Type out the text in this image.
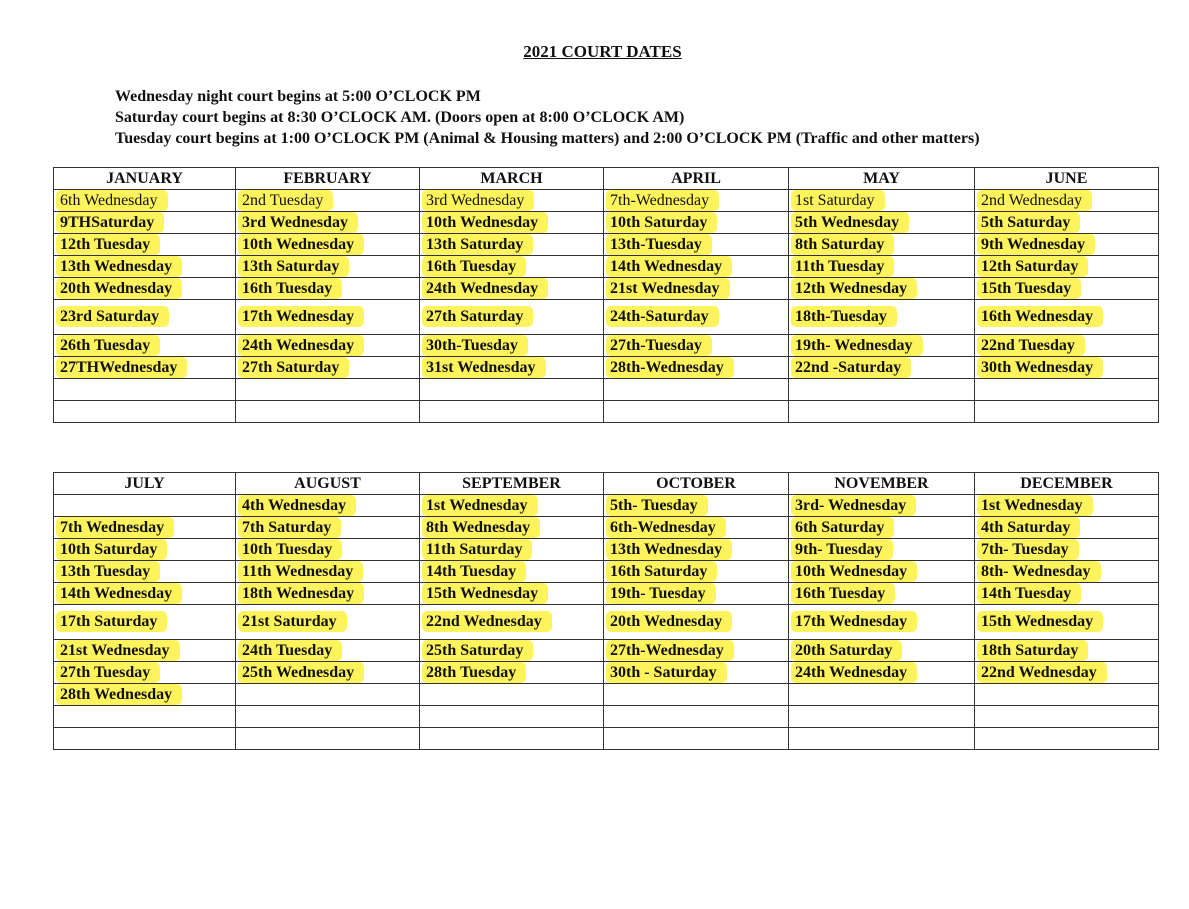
2021 COURT DATES
Wednesday night court begins at 5:00 O’CLOCK PM
Saturday court begins at 8:30 O’CLOCK AM. (Doors open at 8:00 O’CLOCK AM)
Tuesday court begins at 1:00 O’CLOCK PM (Animal & Housing matters) and 2:00 O’CLOCK PM (Traffic and other matters)
JANUARY	FEBRUARY	MARCH	APRIL	MAY	JUNE
6th Wednesday	2nd Tuesday	3rd Wednesday	7th-Wednesday	1st Saturday	2nd Wednesday
9THSaturday	3rd Wednesday	10th Wednesday	10th Saturday	5th Wednesday	5th Saturday
12th Tuesday	10th Wednesday	13th Saturday	13th-Tuesday	8th Saturday	9th Wednesday
13th Wednesday	13th Saturday	16th Tuesday	14th Wednesday	11th Tuesday	12th Saturday
20th Wednesday	16th Tuesday	24th Wednesday	21st Wednesday	12th Wednesday	15th Tuesday
23rd Saturday	17th Wednesday	27th Saturday	24th-Saturday	18th-Tuesday	16th Wednesday
26th Tuesday	24th Wednesday	30th-Tuesday	27th-Tuesday	19th- Wednesday	22nd Tuesday
27THWednesday	27th Saturday	31st Wednesday	28th-Wednesday	22nd -Saturday	30th Wednesday

JULY	AUGUST	SEPTEMBER	OCTOBER	NOVEMBER	DECEMBER
	4th Wednesday	1st Wednesday	5th- Tuesday	3rd- Wednesday	1st Wednesday
7th Wednesday	7th Saturday	8th Wednesday	6th-Wednesday	6th Saturday	4th Saturday
10th Saturday	10th Tuesday	11th Saturday	13th Wednesday	9th- Tuesday	7th- Tuesday
13th Tuesday	11th Wednesday	14th Tuesday	16th Saturday	10th Wednesday	8th- Wednesday
14th Wednesday	18th Wednesday	15th Wednesday	19th- Tuesday	16th Tuesday	14th Tuesday
17th Saturday	21st Saturday	22nd Wednesday	20th Wednesday	17th Wednesday	15th Wednesday
21st Wednesday	24th Tuesday	25th Saturday	27th-Wednesday	20th Saturday	18th Saturday
27th Tuesday	25th Wednesday	28th Tuesday	30th - Saturday	24th Wednesday	22nd Wednesday
28th Wednesday					
